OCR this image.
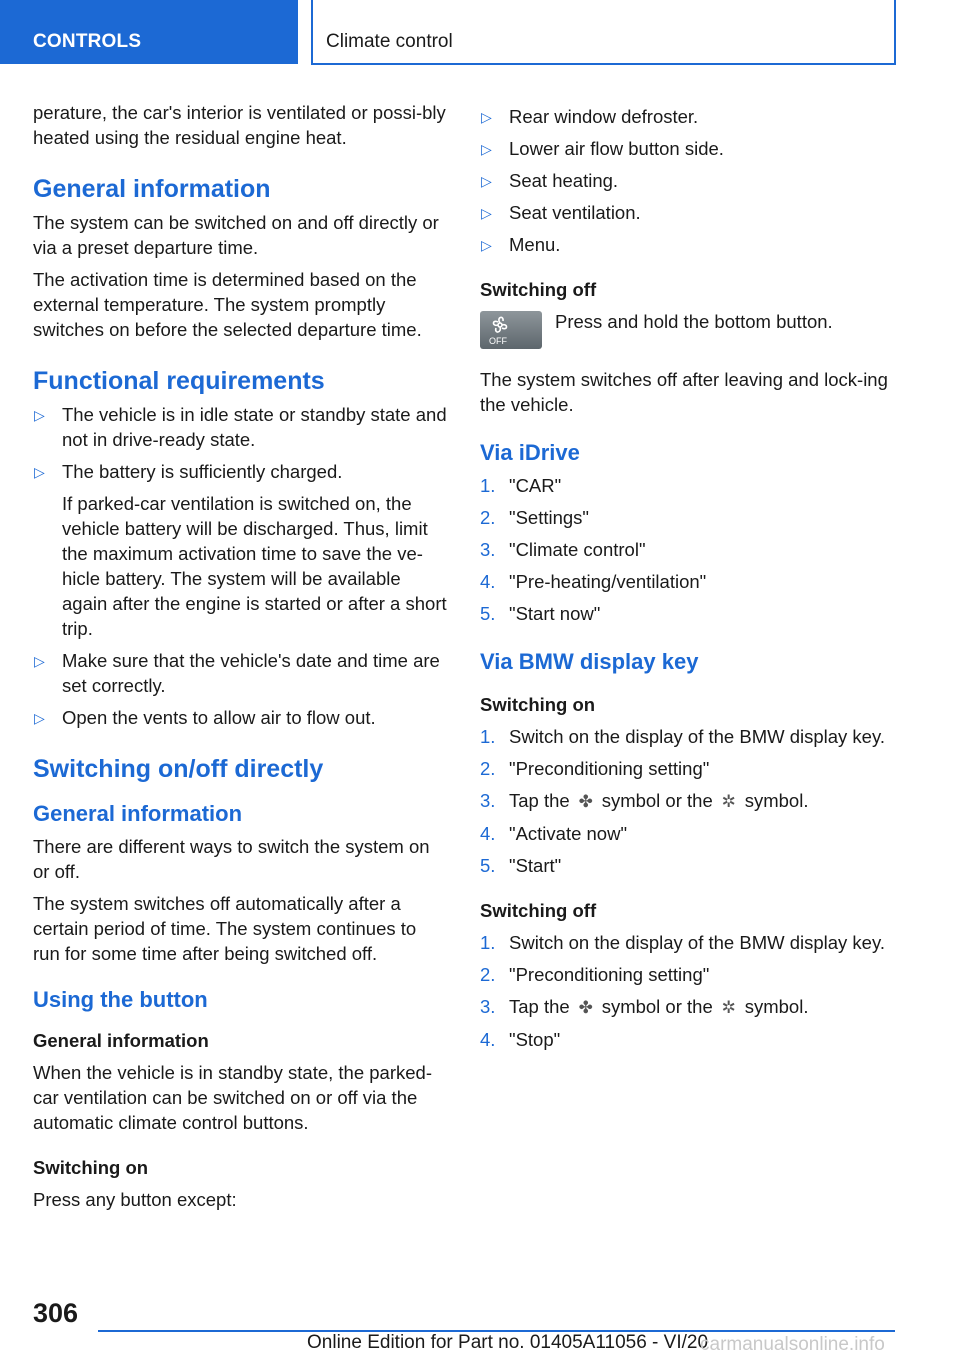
CONTROLS	Climate control

perature, the car's interior is ventilated or possi-bly heated using the residual engine heat.

General information

The system can be switched on and off directly or via a preset departure time.

The activation time is determined based on the external temperature. The system promptly switches on before the selected departure time.

Functional requirements
▷ The vehicle is in idle state or standby state and not in drive-ready state.
▷ The battery is sufficiently charged.
If parked-car ventilation is switched on, the vehicle battery will be discharged. Thus, limit the maximum activation time to save the ve-hicle battery. The system will be available again after the engine is started or after a short trip.
▷ Make sure that the vehicle's date and time are set correctly.
▷ Open the vents to allow air to flow out.
Switching on/off directly
General information

There are different ways to switch the system on or off.

The system switches off automatically after a certain period of time. The system continues to run for some time after being switched off.

Using the button
General information

When the vehicle is in standby state, the parked-car ventilation can be switched on or off via the automatic climate control buttons.

Switching on

Press any button except:

▷ Rear window defroster.
▷ Lower air flow button side.
▷ Seat heating.
▷ Seat ventilation.
▷ Menu.
Switching off
OFF
Press and hold the bottom button.

The system switches off after leaving and lock-ing the vehicle.

Via iDrive
1. "CAR"
2. "Settings"
3. "Climate control"
4. "Pre-heating/ventilation"
5. "Start now"
Via BMW display key
Switching on
1. Switch on the display of the BMW display key.
2. "Preconditioning setting"
3. Tap the ✤ symbol or the ✲ symbol.
4. "Activate now"
5. "Start"
Switching off
1. Switch on the display of the BMW display key.
2. "Preconditioning setting"
3. Tap the ✤ symbol or the ✲ symbol.
4. "Stop"
306
Online Edition for Part no. 01405A11056 - VI/20
carmanualsonline.info
